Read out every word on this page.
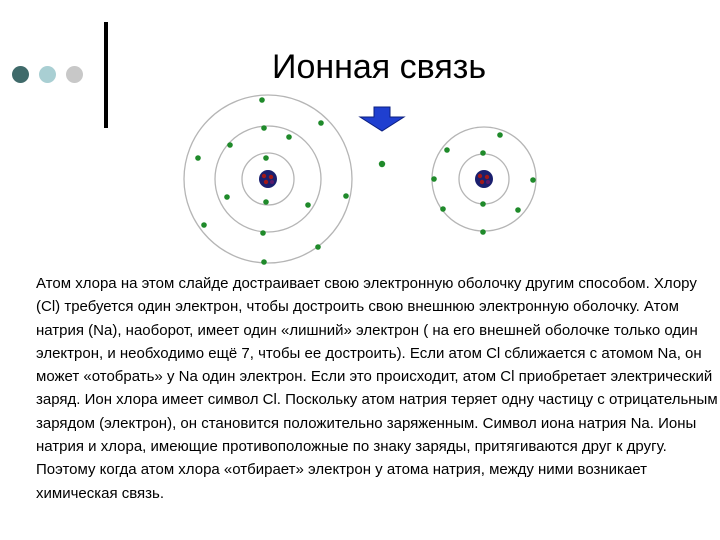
Ионная связь

Атом хлора на этом слайде достраивает свою электронную оболочку другим способом. Хлору (Cl) требуется один электрон, чтобы достроить свою внешнюю электронную оболочку. Атом натрия (Na), наоборот, имеет один «лишний» электрон ( на его внешней оболочке только один электрон, и необходимо ещё 7, чтобы ее достроить). Если атом Cl сближается с атомом Na, он может «отобрать» у Na один электрон. Если это происходит, атом Cl приобретает электрический заряд. Ион хлора имеет символ Cl. Поскольку атом натрия теряет одну частицу с отрицательным зарядом (электрон), он становится положительно заряженным. Символ иона натрия Na. Ионы натрия и хлора, имеющие противоположные по знаку заряды, притягиваются друг к другу. Поэтому когда атом хлора «отбирает» электрон у атома натрия, между ними возникает химическая связь.
